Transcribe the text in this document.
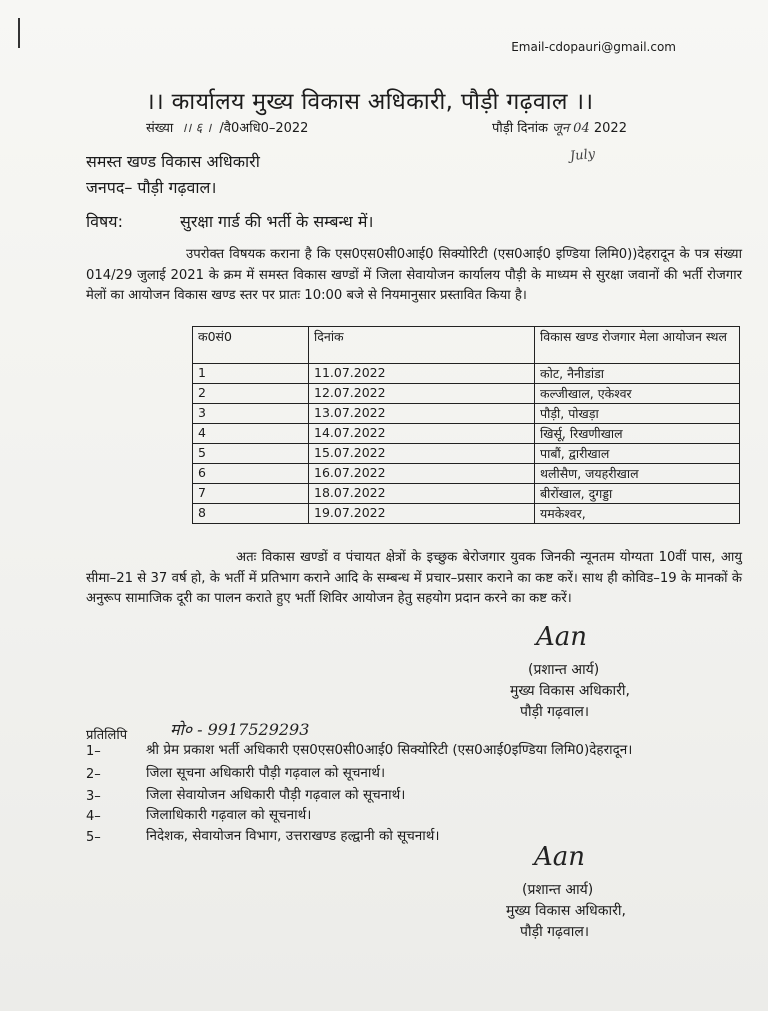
Email-cdopauri@gmail.com
।। कार्यालय मुख्य विकास अधिकारी, पौड़ी गढ़वाल ।।
संख्या ।। ६ । /वै0अधि0–2022	पौड़ी दिनांक जून 04 2022
July
समस्त खण्ड विकास अधिकारी
जनपद– पौड़ी गढ़वाल।
विषय:	सुरक्षा गार्ड की भर्ती के सम्बन्ध में।
उपरोक्त विषयक कराना है कि एस0एस0सी0आई0 सिक्योरिटी (एस0आई0 इण्डिया लिमि0))देहरादून के पत्र संख्या 014/29 जुलाई 2021 के क्रम में समस्त विकास खण्डों में जिला सेवायोजन कार्यालय पौड़ी के माध्यम से सुरक्षा जवानों की भर्ती रोजगार मेलों का आयोजन विकास खण्ड स्तर पर प्रातः 10:00 बजे से नियमानुसार प्रस्तावित किया है।
क0सं0	दिनांक	विकास खण्ड रोजगार मेला आयोजन स्थल
1	11.07.2022	कोट, नैनीडांडा
2	12.07.2022	कल्जीखाल, एकेश्वर
3	13.07.2022	पौड़ी, पोखड़ा
4	14.07.2022	खिर्सू, रिखणीखाल
5	15.07.2022	पाबौं, द्वारीखाल
6	16.07.2022	थलीसैण, जयहरीखाल
7	18.07.2022	बीरोंखाल, दुगड्डा
8	19.07.2022	यमकेश्वर,
अतः विकास खण्डों व पंचायत क्षेत्रों के इच्छुक बेरोजगार युवक जिनकी न्यूनतम योग्यता 10वीं पास, आयु सीमा–21 से 37 वर्ष हो, के भर्ती में प्रतिभाग कराने आदि के सम्बन्ध में प्रचार–प्रसार कराने का कष्ट करें। साथ ही कोविड–19 के मानकों के अनुरूप सामाजिक दूरी का पालन कराते हुए भर्ती शिविर आयोजन हेतु सहयोग प्रदान करने का कष्ट करें।
Aan
(प्रशान्त आर्य)
मुख्य विकास अधिकारी,
पौड़ी गढ़वाल।
प्रतिलिपि	मो० - 9917529293
1–	श्री प्रेम प्रकाश भर्ती अधिकारी एस0एस0सी0आई0 सिक्योरिटी (एस0आई0इण्डिया लिमि0)देहरादून।
2–	जिला सूचना अधिकारी पौड़ी गढ़वाल को सूचनार्थ।
3–	जिला सेवायोजन अधिकारी पौड़ी गढ़वाल को सूचनार्थ।
4–	जिलाधिकारी गढ़वाल को सूचनार्थ।
5–	निदेशक, सेवायोजन विभाग, उत्तराखण्ड हल्द्वानी को सूचनार्थ।
Aan
(प्रशान्त आर्य)
मुख्य विकास अधिकारी,
पौड़ी गढ़वाल।
